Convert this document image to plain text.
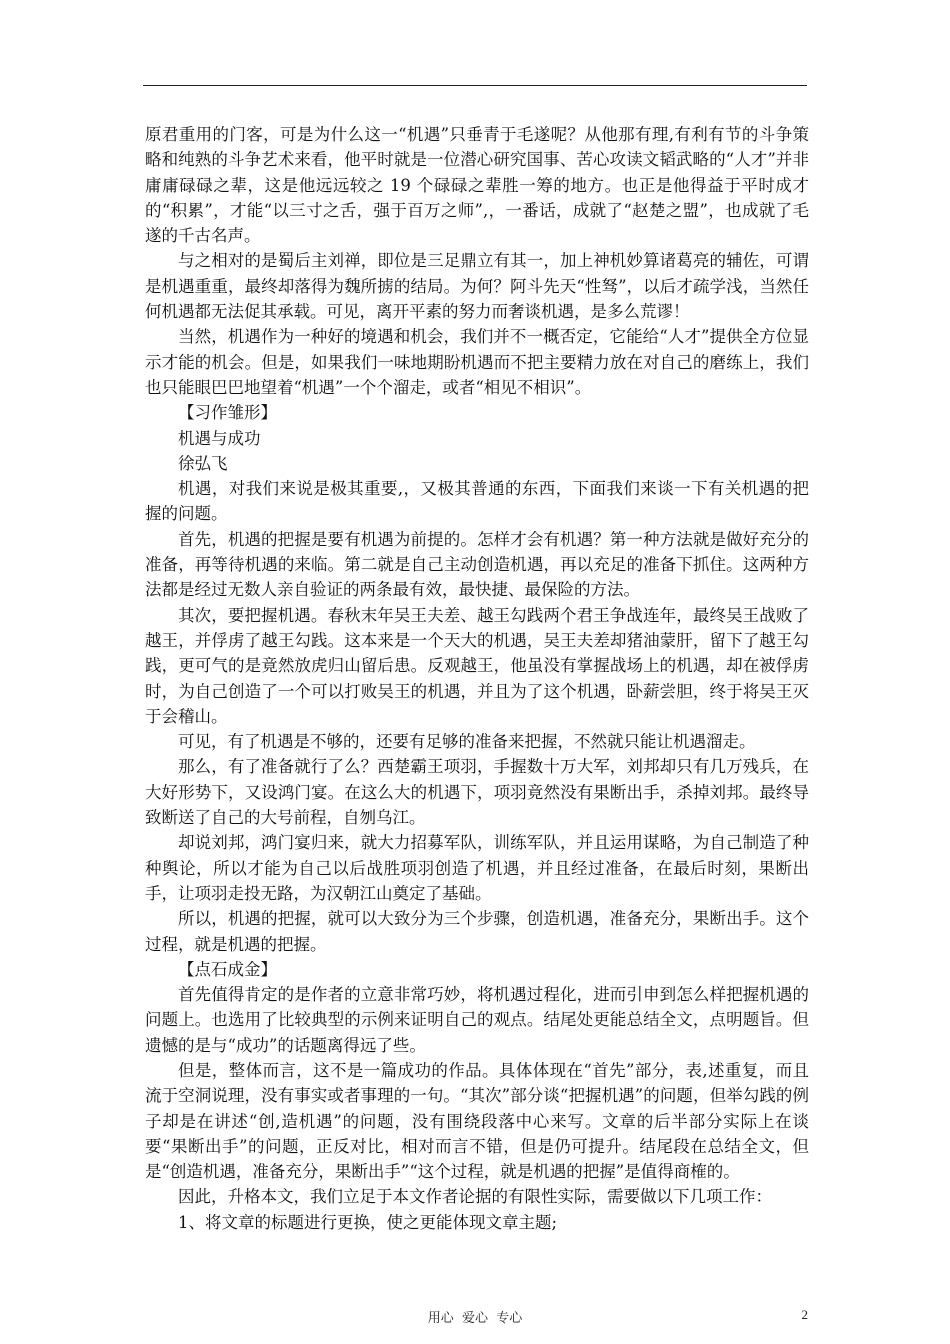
原君重用的门客，可是为什么这一“机遇”只垂青于毛遂呢？从他那有理,有利有节的斗争策略和纯熟的斗争艺术来看，他平时就是一位潜心研究国事、苦心攻读文韬武略的“人才”并非庸庸碌碌之辈，这是他远远较之 19 个碌碌之辈胜一筹的地方。也正是他得益于平时成才的“积累”，才能“以三寸之舌，强于百万之师”,，一番话，成就了“赵楚之盟”，也成就了毛遂的千古名声。

与之相对的是蜀后主刘禅，即位是三足鼎立有其一，加上神机妙算诸葛亮的辅佐，可谓是机遇重重，最终却落得为魏所掳的结局。为何？阿斗先天“性驽”，以后才疏学浅，当然任何机遇都无法促其承载。可见，离开平素的努力而奢谈机遇，是多么荒谬！

当然，机遇作为一种好的境遇和机会，我们并不一概否定，它能给“人才”提供全方位显示才能的机会。但是，如果我们一味地期盼机遇而不把主要精力放在对自己的磨练上，我们也只能眼巴巴地望着“机遇”一个个溜走，或者“相见不相识”。

【习作雏形】

机遇与成功

徐弘飞

机遇，对我们来说是极其重要,，又极其普通的东西，下面我们来谈一下有关机遇的把握的问题。

首先，机遇的把握是要有机遇为前提的。怎样才会有机遇？第一种方法就是做好充分的准备，再等待机遇的来临。第二就是自己主动创造机遇，再以充足的准备下抓住。这两种方法都是经过无数人亲自验证的两条最有效，最快捷、最保险的方法。

其次，要把握机遇。春秋末年吴王夫差、越王勾践两个君王争战连年，最终吴王战败了越王，并俘虏了越王勾践。这本来是一个天大的机遇，吴王夫差却猪油蒙肝，留下了越王勾践，更可气的是竟然放虎归山留后患。反观越王，他虽没有掌握战场上的机遇，却在被俘虏时，为自己创造了一个可以打败吴王的机遇，并且为了这个机遇，卧薪尝胆，终于将吴王灭于会稽山。

可见，有了机遇是不够的，还要有足够的准备来把握，不然就只能让机遇溜走。

那么，有了准备就行了么？西楚霸王项羽，手握数十万大军，刘邦却只有几万残兵，在大好形势下，又设鸿门宴。在这么大的机遇下，项羽竟然没有果断出手，杀掉刘邦。最终导致断送了自己的大号前程，自刎乌江。

却说刘邦，鸿门宴归来，就大力招募军队，训练军队，并且运用谋略，为自己制造了种种舆论，所以才能为自己以后战胜项羽创造了机遇，并且经过准备，在最后时刻，果断出手，让项羽走投无路，为汉朝江山奠定了基础。

所以，机遇的把握，就可以大致分为三个步骤，创造机遇，准备充分，果断出手。这个过程，就是机遇的把握。

【点石成金】

首先值得肯定的是作者的立意非常巧妙，将机遇过程化，进而引申到怎么样把握机遇的问题上。也选用了比较典型的示例来证明自己的观点。结尾处更能总结全文，点明题旨。但遗憾的是与“成功”的话题离得远了些。

但是，整体而言，这不是一篇成功的作品。具体体现在“首先”部分，表,述重复，而且流于空洞说理，没有事实或者事理的一句。“其次”部分谈“把握机遇”的问题，但举勾践的例子却是在讲述“创,造机遇”的问题，没有围绕段落中心来写。文章的后半部分实际上在谈要“果断出手”的问题，正反对比，相对而言不错，但是仍可提升。结尾段在总结全文，但是“创造机遇，准备充分，果断出手”“这个过程，就是机遇的把握”是值得商榷的。

因此，升格本文，我们立足于本文作者论据的有限性实际，需要做以下几项工作：

1、将文章的标题进行更换，使之更能体现文章主题;

用心  爱心  专心	2
